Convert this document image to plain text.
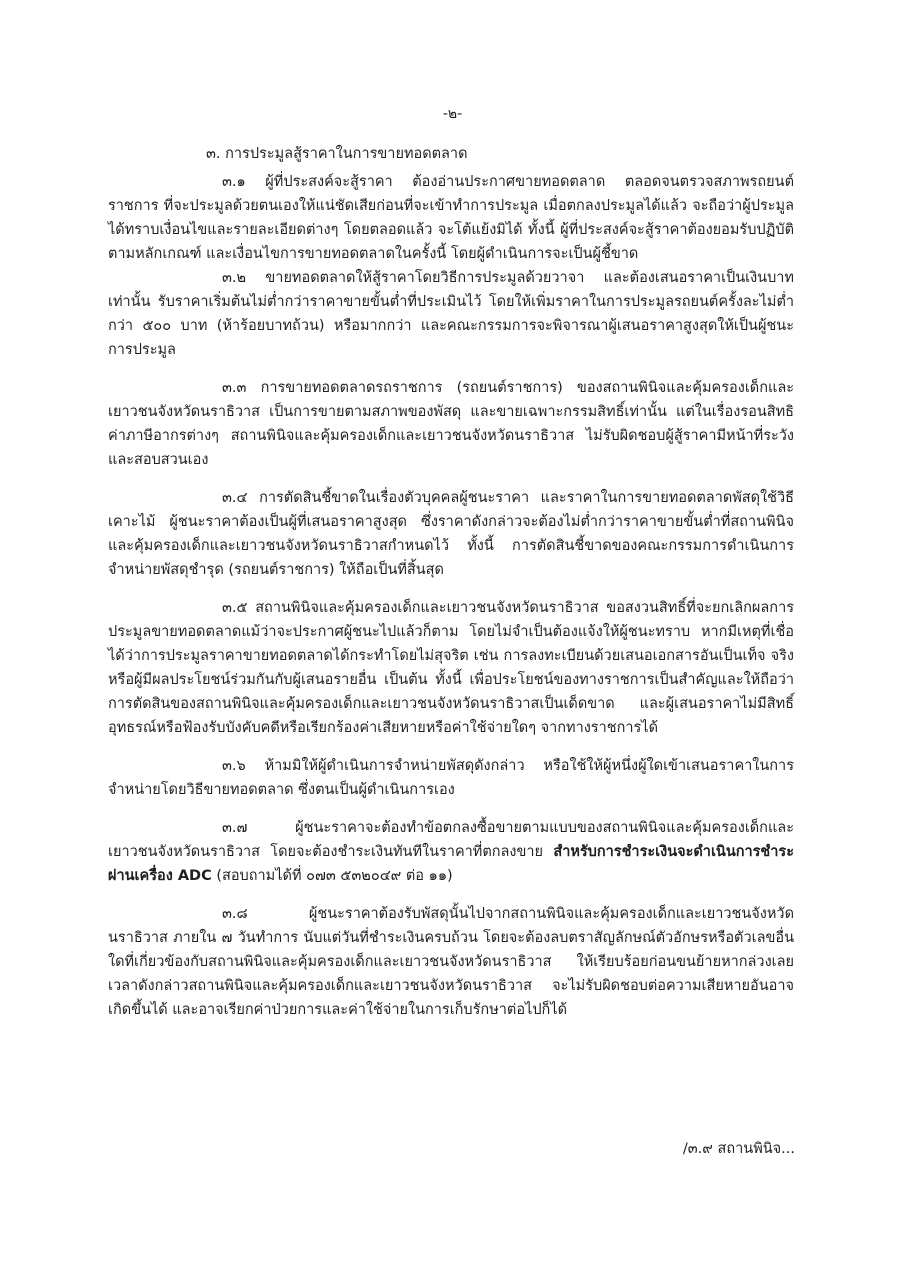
-๒-

๓. การประมูลสู้ราคาในการขายทอดตลาด

๓.๑ ผู้ที่ประสงค์จะสู้ราคา ต้องอ่านประกาศขายทอดตลาด ตลอดจนตรวจสภาพรถยนต์ราชการ ที่จะประมูลด้วยตนเองให้แน่ชัดเสียก่อนที่จะเข้าทำการประมูล เมื่อตกลงประมูลได้แล้ว จะถือว่าผู้ประมูลได้ทราบเงื่อนไขและรายละเอียดต่างๆ โดยตลอดแล้ว จะโต้แย้งมิได้ ทั้งนี้ ผู้ที่ประสงค์จะสู้ราคาต้องยอมรับปฏิบัติตามหลักเกณฑ์ และเงื่อนไขการขายทอดตลาดในครั้งนี้ โดยผู้ดำเนินการจะเป็นผู้ชี้ขาด

๓.๒ ขายทอดตลาดให้สู้ราคาโดยวิธีการประมูลด้วยวาจา และต้องเสนอราคาเป็นเงินบาทเท่านั้น รับราคาเริ่มต้นไม่ต่ำกว่าราคาขายขั้นต่ำที่ประเมินไว้ โดยให้เพิ่มราคาในการประมูลรถยนต์ครั้งละไม่ต่ำกว่า ๕๐๐ บาท (ห้าร้อยบาทถ้วน) หรือมากกว่า และคณะกรรมการจะพิจารณาผู้เสนอราคาสูงสุดให้เป็นผู้ชนะการประมูล

๓.๓ การขายทอดตลาดรถราชการ (รถยนต์ราชการ) ของสถานพินิจและคุ้มครองเด็กและเยาวชนจังหวัดนราธิวาส เป็นการขายตามสภาพของพัสดุ และขายเฉพาะกรรมสิทธิ์เท่านั้น แต่ในเรื่องรอนสิทธิค่าภาษีอากรต่างๆ สถานพินิจและคุ้มครองเด็กและเยาวชนจังหวัดนราธิวาส ไม่รับผิดชอบผู้สู้ราคามีหน้าที่ระวังและสอบสวนเอง

๓.๔ การตัดสินชี้ขาดในเรื่องตัวบุคคลผู้ชนะราคา และราคาในการขายทอดตลาดพัสดุใช้วิธีเคาะไม้ ผู้ชนะราคาต้องเป็นผู้ที่เสนอราคาสูงสุด ซึ่งราคาดังกล่าวจะต้องไม่ต่ำกว่าราคาขายขั้นต่ำที่สถานพินิจและคุ้มครองเด็กและเยาวชนจังหวัดนราธิวาสกำหนดไว้ ทั้งนี้ การตัดสินชี้ขาดของคณะกรรมการดำเนินการจำหน่ายพัสดุชำรุด (รถยนต์ราชการ) ให้ถือเป็นที่สิ้นสุด

๓.๕ สถานพินิจและคุ้มครองเด็กและเยาวชนจังหวัดนราธิวาส ขอสงวนสิทธิ์ที่จะยกเลิกผลการประมูลขายทอดตลาดแม้ว่าจะประกาศผู้ชนะไปแล้วก็ตาม โดยไม่จำเป็นต้องแจ้งให้ผู้ชนะทราบ หากมีเหตุที่เชื่อได้ว่าการประมูลราคาขายทอดตลาดได้กระทำโดยไม่สุจริต เช่น การลงทะเบียนด้วยเสนอเอกสารอันเป็นเท็จ จริงหรือผู้มีผลประโยชน์ร่วมกันกับผู้เสนอรายอื่น เป็นต้น ทั้งนี้ เพื่อประโยชน์ของทางราชการเป็นสำคัญและให้ถือว่าการตัดสินของสถานพินิจและคุ้มครองเด็กและเยาวชนจังหวัดนราธิวาสเป็นเด็ดขาด และผู้เสนอราคาไม่มีสิทธิ์อุทธรณ์หรือฟ้องรับบังคับคดีหรือเรียกร้องค่าเสียหายหรือค่าใช้จ่ายใดๆ จากทางราชการได้

๓.๖ ห้ามมิให้ผู้ดำเนินการจำหน่ายพัสดุดังกล่าว หรือใช้ให้ผู้หนึ่งผู้ใดเข้าเสนอราคาในการจำหน่ายโดยวิธีขายทอดตลาด ซึ่งตนเป็นผู้ดำเนินการเอง

๓.๗ ผู้ชนะราคาจะต้องทำข้อตกลงซื้อขายตามแบบของสถานพินิจและคุ้มครองเด็กและเยาวชนจังหวัดนราธิวาส โดยจะต้องชำระเงินทันทีในราคาที่ตกลงขาย สำหรับการชำระเงินจะดำเนินการชำระผ่านเครื่อง ADC (สอบถามได้ที่ ๐๗๓ ๕๓๒๐๔๙ ต่อ ๑๑)

๓.๘ ผู้ชนะราคาต้องรับพัสดุนั้นไปจากสถานพินิจและคุ้มครองเด็กและเยาวชนจังหวัดนราธิวาส ภายใน ๗ วันทำการ นับแต่วันที่ชำระเงินครบถ้วน โดยจะต้องลบตราสัญลักษณ์ตัวอักษรหรือตัวเลขอื่นใดที่เกี่ยวข้องกับสถานพินิจและคุ้มครองเด็กและเยาวชนจังหวัดนราธิวาส ให้เรียบร้อยก่อนขนย้ายหากล่วงเลยเวลาดังกล่าวสถานพินิจและคุ้มครองเด็กและเยาวชนจังหวัดนราธิวาส จะไม่รับผิดชอบต่อความเสียหายอันอาจเกิดขึ้นได้ และอาจเรียกค่าป่วยการและค่าใช้จ่ายในการเก็บรักษาต่อไปก็ได้

/๓.๙ สถานพินิจ...
